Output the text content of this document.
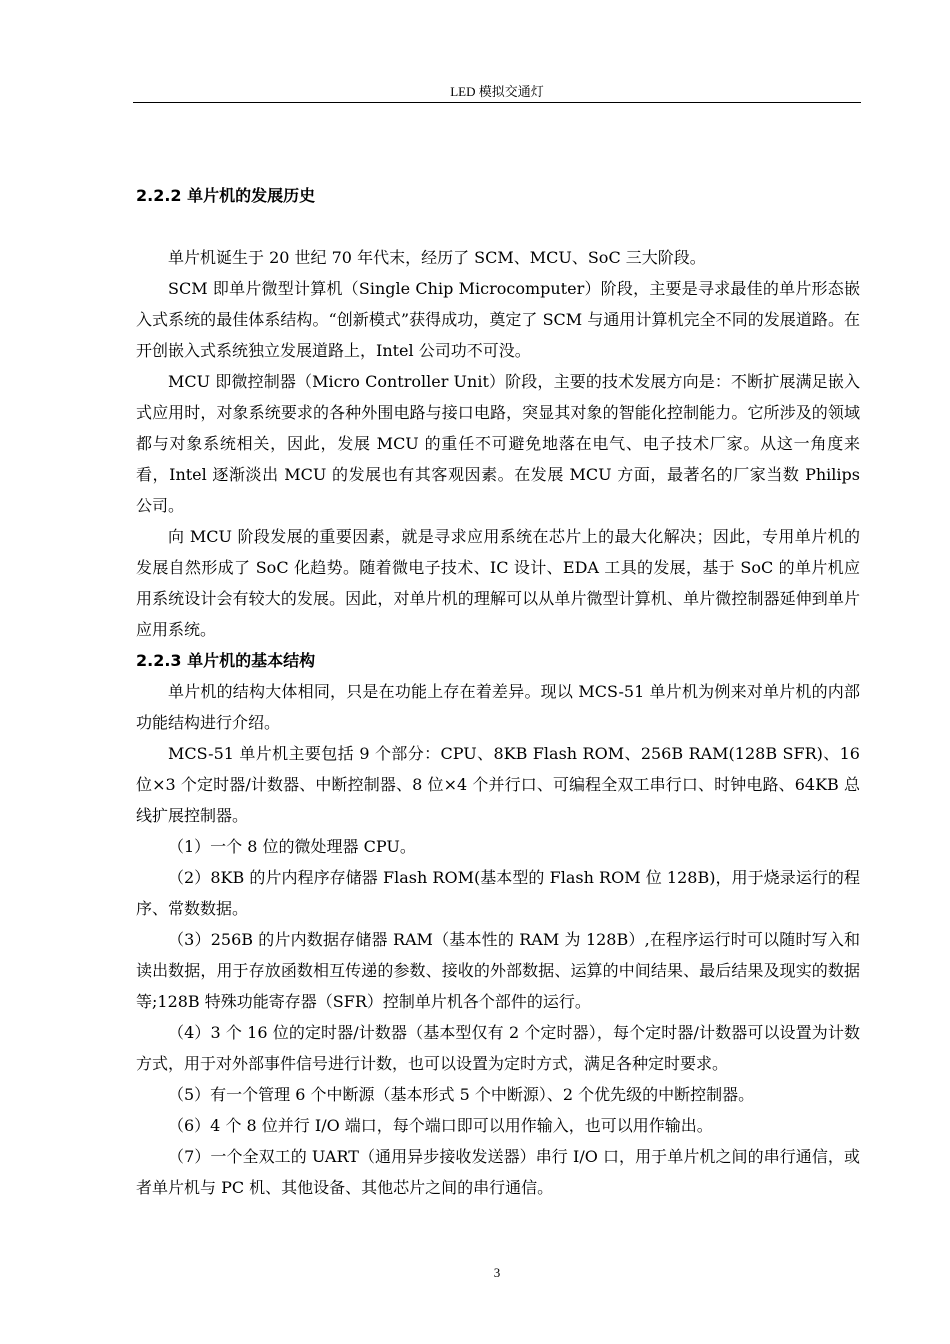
LED 模拟交通灯
2.2.2 单片机的发展历史

单片机诞生于 20 世纪 70 年代末，经历了 SCM、MCU、SoC 三大阶段。

SCM 即单片微型计算机（Single Chip Microcomputer）阶段，主要是寻求最佳的单片形态嵌入式系统的最佳体系结构。“创新模式”获得成功，奠定了 SCM 与通用计算机完全不同的发展道路。在开创嵌入式系统独立发展道路上，Intel 公司功不可没。

MCU 即微控制器（Micro Controller Unit）阶段，主要的技术发展方向是：不断扩展满足嵌入式应用时，对象系统要求的各种外围电路与接口电路，突显其对象的智能化控制能力。它所涉及的领域都与对象系统相关，因此，发展 MCU 的重任不可避免地落在电气、电子技术厂家。从这一角度来看，Intel 逐渐淡出 MCU 的发展也有其客观因素。在发展 MCU 方面，最著名的厂家当数 Philips 公司。

向 MCU 阶段发展的重要因素，就是寻求应用系统在芯片上的最大化解决；因此，专用单片机的发展自然形成了 SoC 化趋势。随着微电子技术、IC 设计、EDA 工具的发展，基于 SoC 的单片机应用系统设计会有较大的发展。因此，对单片机的理解可以从单片微型计算机、单片微控制器延伸到单片应用系统。

2.2.3 单片机的基本结构

单片机的结构大体相同，只是在功能上存在着差异。现以 MCS-51 单片机为例来对单片机的内部功能结构进行介绍。

MCS-51 单片机主要包括 9 个部分：CPU、8KB Flash ROM、256B RAM(128B SFR)、16 位×3 个定时器/计数器、中断控制器、8 位×4 个并行口、可编程全双工串行口、时钟电路、64KB 总线扩展控制器。

（1）一个 8 位的微处理器 CPU。

（2）8KB 的片内程序存储器 Flash ROM(基本型的 Flash ROM 位 128B)，用于烧录运行的程序、常数数据。

（3）256B 的片内数据存储器 RAM（基本性的 RAM 为 128B）,在程序运行时可以随时写入和读出数据，用于存放函数相互传递的参数、接收的外部数据、运算的中间结果、最后结果及现实的数据等;128B 特殊功能寄存器（SFR）控制单片机各个部件的运行。

（4）3 个 16 位的定时器/计数器（基本型仅有 2 个定时器），每个定时器/计数器可以设置为计数方式，用于对外部事件信号进行计数，也可以设置为定时方式，满足各种定时要求。

（5）有一个管理 6 个中断源（基本形式 5 个中断源）、2 个优先级的中断控制器。

（6）4 个 8 位并行 I/O 端口，每个端口即可以用作输入，也可以用作输出。

（7）一个全双工的 UART（通用异步接收发送器）串行 I/O 口，用于单片机之间的串行通信，或者单片机与 PC 机、其他设备、其他芯片之间的串行通信。

3
